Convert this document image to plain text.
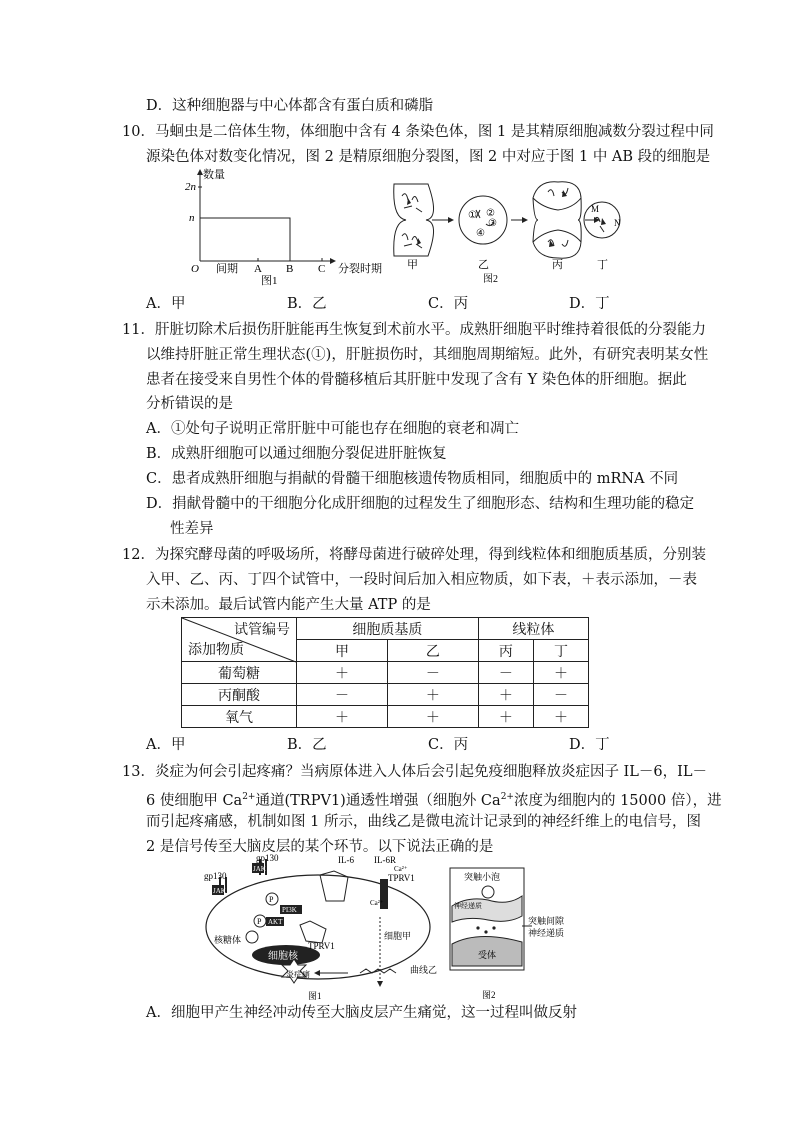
D．这种细胞器与中心体都含有蛋白质和磷脂
10．马蛔虫是二倍体生物，体细胞中含有 4 条染色体，图 1 是其精原细胞减数分裂过程中同
源染色体对数变化情况，图 2 是精原细胞分裂图，图 2 中对应于图 1 中 AB 段的细胞是
数量
2n
n
O 间期 A B C 分裂时期
图1
① ②
③
④
M
N
甲	乙	丙	丁
图2
A．甲	B．乙	C．丙	D．丁
11．肝脏切除术后损伤肝脏能再生恢复到术前水平。成熟肝细胞平时维持着很低的分裂能力
以维持肝脏正常生理状态(①)，肝脏损伤时，其细胞周期缩短。此外，有研究表明某女性
患者在接受来自男性个体的骨髓移植后其肝脏中发现了含有 Y 染色体的肝细胞。据此
分析错误的是
A．①处句子说明正常肝脏中可能也存在细胞的衰老和凋亡
B．成熟肝细胞可以通过细胞分裂促进肝脏恢复
C．患者成熟肝细胞与捐献的骨髓干细胞核遗传物质相同，细胞质中的 mRNA 不同
D．捐献骨髓中的干细胞分化成肝细胞的过程发生了细胞形态、结构和生理功能的稳定
性差异
12．为探究酵母菌的呼吸场所，将酵母菌进行破碎处理，得到线粒体和细胞质基质，分别装
入甲、乙、丙、丁四个试管中，一段时间后加入相应物质，如下表，＋表示添加，－表
示未添加。最后试管内能产生大量 ATP 的是
试管编号
添加物质	细胞质基质		线粒体	
	甲	乙	丙	丁
葡萄糖	＋	－	－	＋
丙酮酸	－	＋	＋	－
氧气	＋	＋	＋	＋
A．甲	B．乙	C．丙	D．丁
13．炎症为何会引起疼痛？当病原体进入人体后会引起免疫细胞释放炎症因子 IL－6，IL－
6 使细胞甲 $Ca^{2+}$通道(TRPV1)通透性增强（细胞外 $Ca^{2+}$浓度为细胞内的 15000 倍），进
而引起疼痛感，机制如图 1 所示，曲线乙是微电流计记录到的神经纤维上的电信号，图
2 是信号传至大脑皮层的某个环节。以下说法正确的是
gp130
gp130
JAK
JAK
P
PI3K
P AKT
核糖体
细胞核
TPRV1
TPRV1
IL-6 IL-6R
Ca²⁺
Ca²⁺
细胞甲
炎症痛	曲线乙
图1
突触小泡
神经递质
突触间隙
神经递质
受体
图2
A．细胞甲产生神经冲动传至大脑皮层产生痛觉，这一过程叫做反射
